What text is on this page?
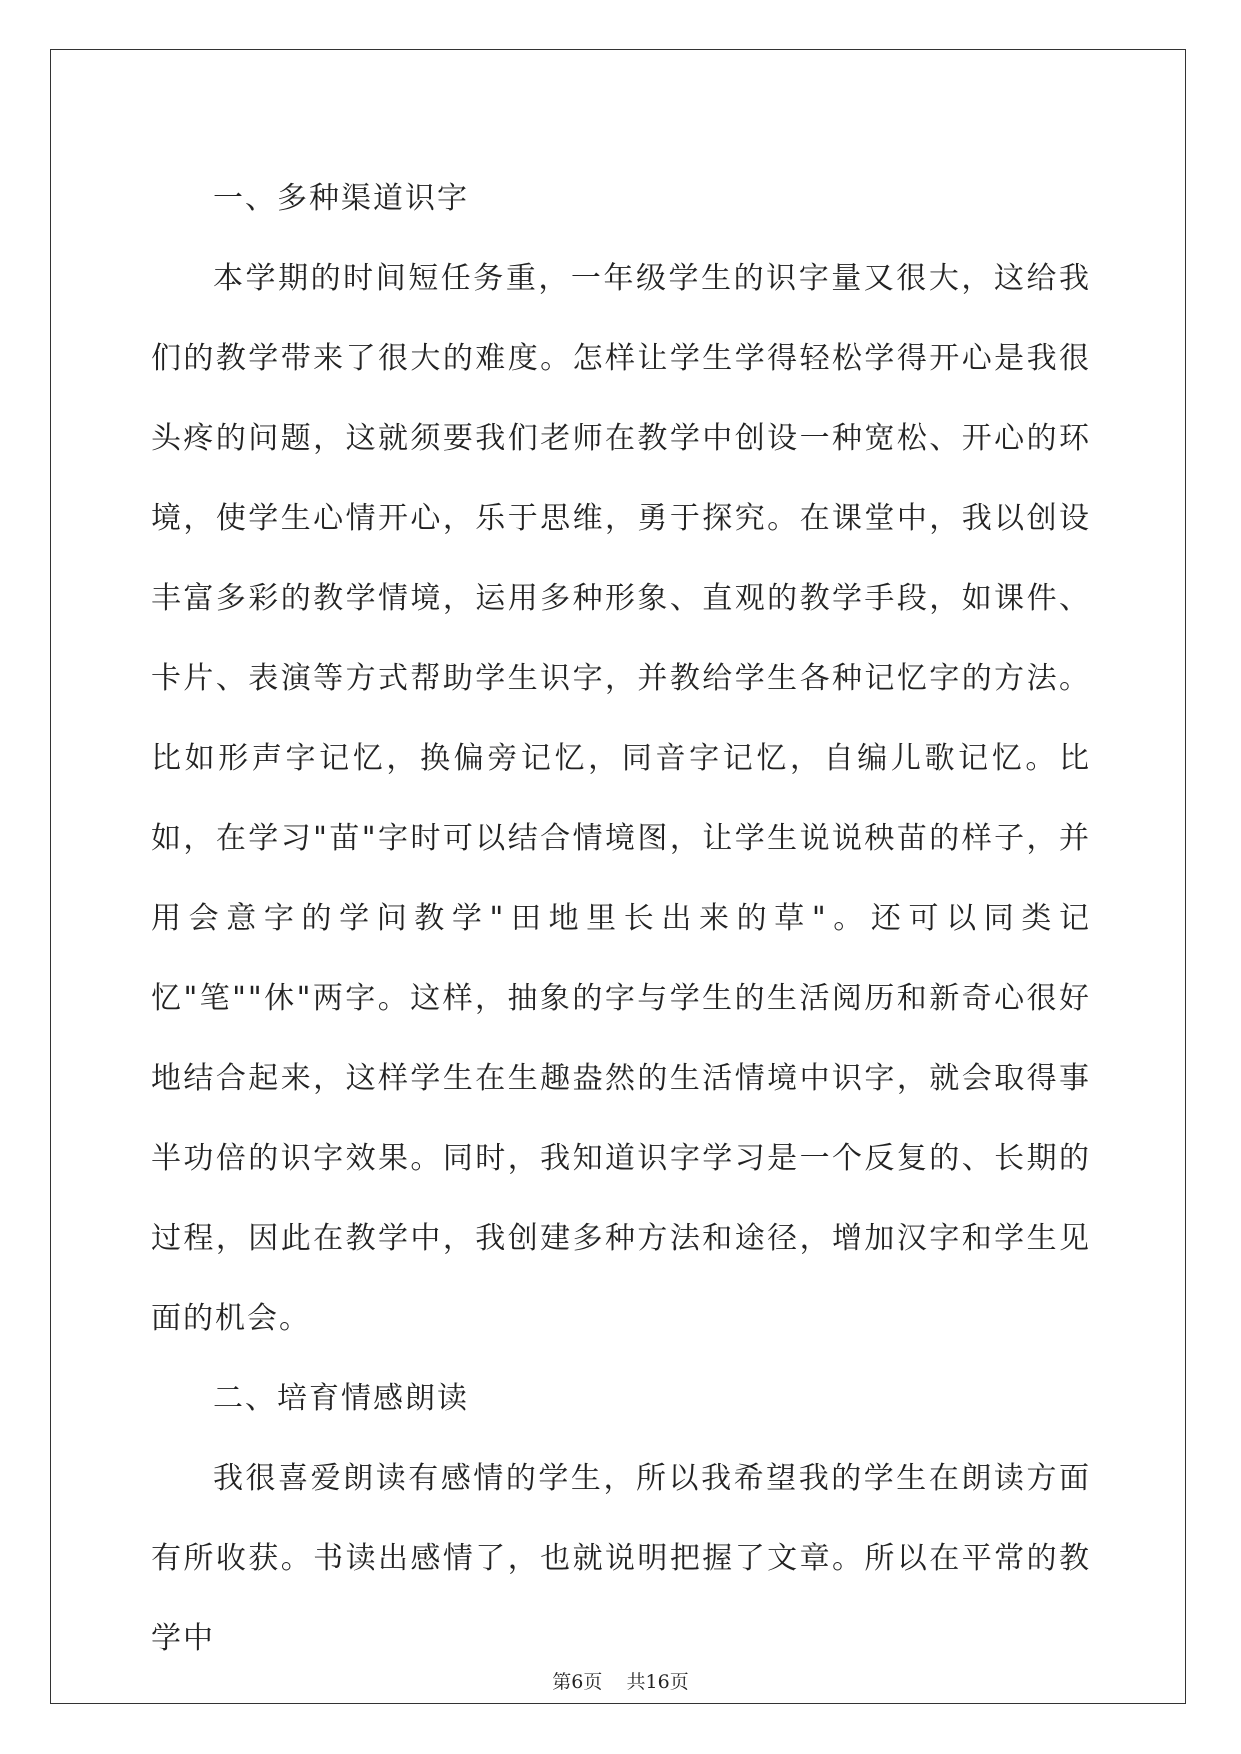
一、多种渠道识字

本学期的时间短任务重，一年级学生的识字量又很大，这给我们的教学带来了很大的难度。怎样让学生学得轻松学得开心是我很头疼的问题，这就须要我们老师在教学中创设一种宽松、开心的环境，使学生心情开心，乐于思维，勇于探究。在课堂中，我以创设丰富多彩的教学情境，运用多种形象、直观的教学手段，如课件、卡片、表演等方式帮助学生识字，并教给学生各种记忆字的方法。比如形声字记忆，换偏旁记忆，同音字记忆，自编儿歌记忆。比如，在学习"苗"字时可以结合情境图，让学生说说秧苗的样子，并用会意字的学问教学"田地里长出来的草"。还可以同类记忆"笔""休"两字。这样，抽象的字与学生的生活阅历和新奇心很好地结合起来，这样学生在生趣盎然的生活情境中识字，就会取得事半功倍的识字效果。同时，我知道识字学习是一个反复的、长期的过程，因此在教学中，我创建多种方法和途径，增加汉字和学生见面的机会。

二、培育情感朗读

我很喜爱朗读有感情的学生，所以我希望我的学生在朗读方面有所收获。书读出感情了，也就说明把握了文章。所以在平常的教学中

第6页 共16页
